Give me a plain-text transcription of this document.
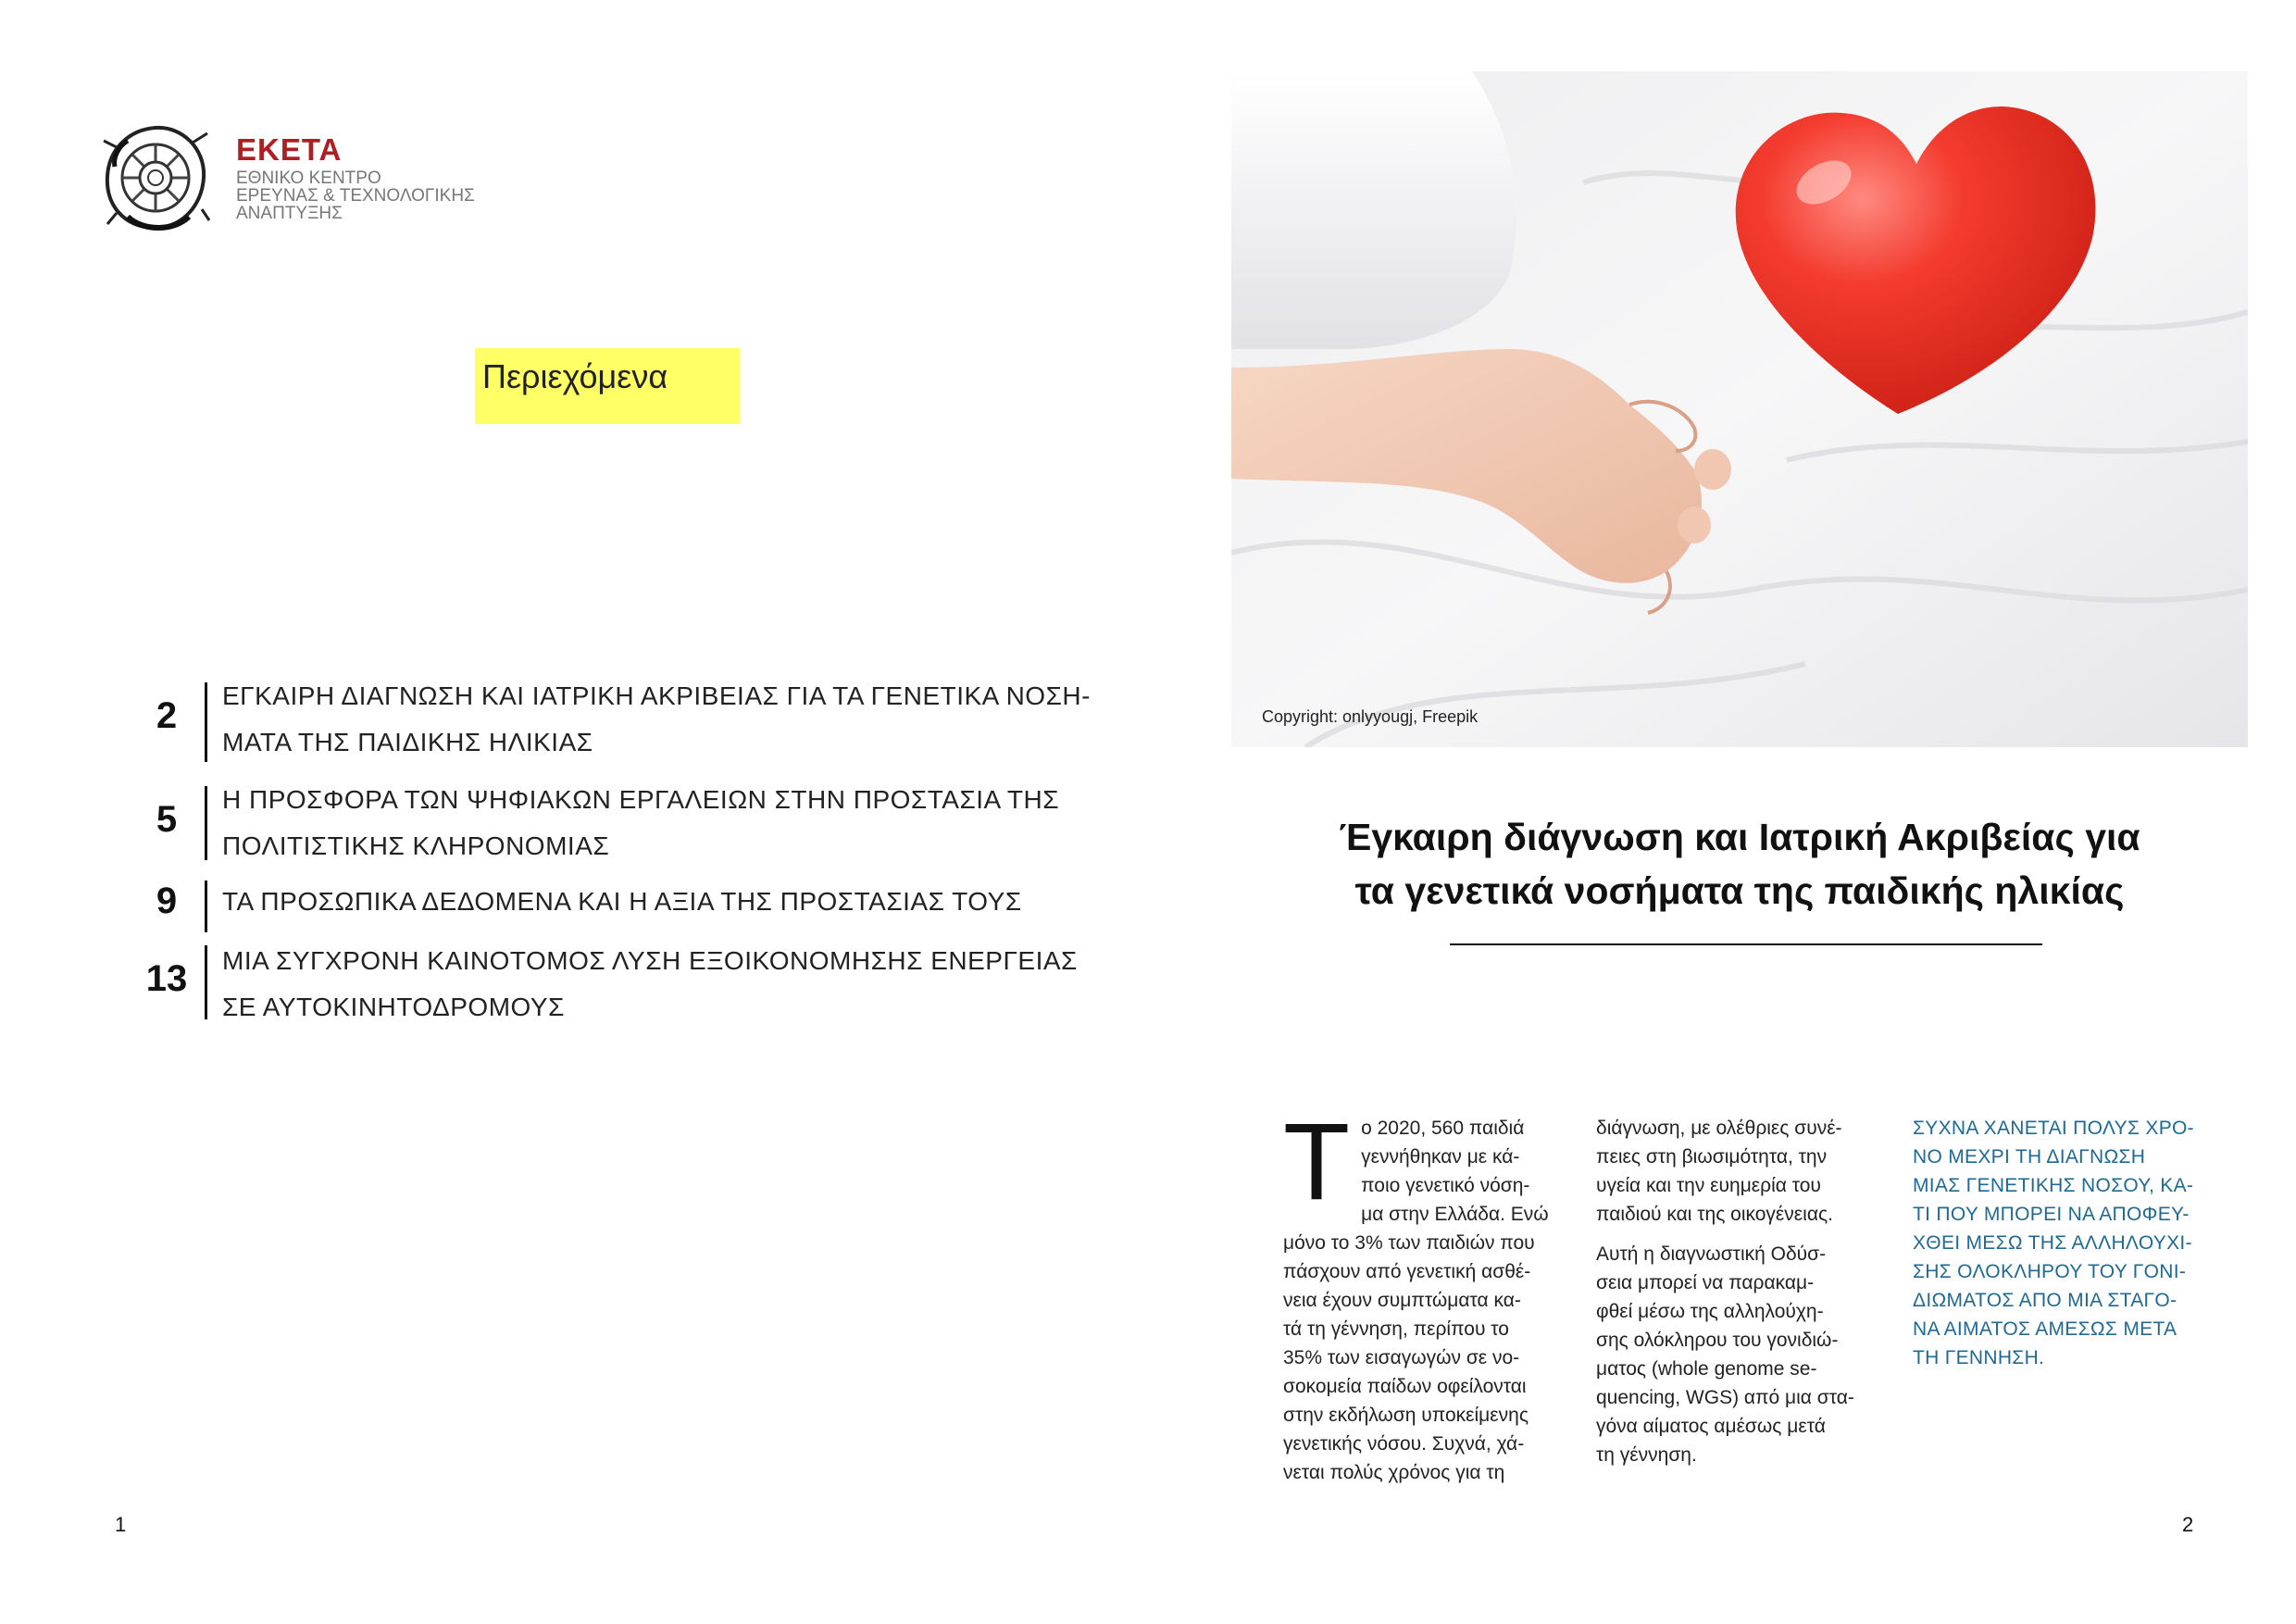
ΕΚΕΤΑ
ΕΘΝΙΚΟ ΚΕΝΤΡΟ
ΕΡΕΥΝΑΣ & ΤΕΧΝΟΛΟΓΙΚΗΣ
ΑΝΑΠΤΥΞΗΣ
Περιεχόμενα
2	ΕΓΚΑΙΡΗ ΔΙΑΓΝΩΣΗ ΚΑΙ ΙΑΤΡΙΚΗ ΑΚΡΙΒΕΙΑΣ ΓΙΑ ΤΑ ΓΕΝΕΤΙΚΑ ΝΟΣΗ-
ΜΑΤΑ ΤΗΣ ΠΑΙΔΙΚΗΣ ΗΛΙΚΙΑΣ
5	Η ΠΡΟΣΦΟΡΑ ΤΩΝ ΨΗΦΙΑΚΩΝ ΕΡΓΑΛΕΙΩΝ ΣΤΗΝ ΠΡΟΣΤΑΣΙΑ ΤΗΣ
ΠΟΛΙΤΙΣΤΙΚΗΣ ΚΛΗΡΟΝΟΜΙΑΣ
9	ΤΑ ΠΡΟΣΩΠΙΚΑ ΔΕΔΟΜΕΝΑ ΚΑΙ Η ΑΞΙΑ ΤΗΣ ΠΡΟΣΤΑΣΙΑΣ ΤΟΥΣ
13	ΜΙΑ ΣΥΓΧΡΟΝΗ ΚΑΙΝΟΤΟΜΟΣ ΛΥΣΗ ΕΞΟΙΚΟΝΟΜΗΣΗΣ ΕΝΕΡΓΕΙΑΣ
ΣΕ ΑΥΤΟΚΙΝΗΤΟΔΡΟΜΟΥΣ
1
Copyright: onlyyougj, Freepik
Έγκαιρη διάγνωση και Ιατρική Ακριβείας για
τα γενετικά νοσήματα της παιδικής ηλικίας
Τ ο 2020, 560 παιδιά
γεννήθηκαν με κά-
ποιο γενετικό νόση-
μα στην Ελλάδα. Ενώ
μόνο το 3% των παιδιών που
πάσχουν από γενετική ασθέ-
νεια έχουν συμπτώματα κα-
τά τη γέννηση, περίπου το
35% των εισαγωγών σε νο-
σοκομεία παίδων οφείλονται
στην εκδήλωση υποκείμενης
γενετικής νόσου. Συχνά, χά-
νεται πολύς χρόνος για τη

διάγνωση, με ολέθριες συνέ-
πειες στη βιωσιμότητα, την
υγεία και την ευημερία του
παιδιού και της οικογένειας.

Αυτή η διαγνωστική Οδύσ-
σεια μπορεί να παρακαμ-
φθεί μέσω της αλληλούχη-
σης ολόκληρου του γονιδιώ-
ματος (whole genome se-
quencing, WGS) από μια στα-
γόνα αίματος αμέσως μετά
τη γέννηση.

ΣΥΧΝΑ ΧΑΝΕΤΑΙ ΠΟΛΥΣ ΧΡΟ-
ΝΟ ΜΕΧΡΙ ΤΗ ΔΙΑΓΝΩΣΗ
ΜΙΑΣ ΓΕΝΕΤΙΚΗΣ ΝΟΣΟΥ, ΚΑ-
ΤΙ ΠΟΥ ΜΠΟΡΕΙ ΝΑ ΑΠΟΦΕΥ-
ΧΘΕΙ ΜΕΣΩ ΤΗΣ ΑΛΛΗΛΟΥΧΙ-
ΣΗΣ ΟΛΟΚΛΗΡΟΥ ΤΟΥ ΓΟΝΙ-
ΔΙΩΜΑΤΟΣ ΑΠΟ ΜΙΑ ΣΤΑΓΟ-
ΝΑ ΑΙΜΑΤΟΣ ΑΜΕΣΩΣ ΜΕΤΑ
ΤΗ ΓΕΝΝΗΣΗ.
2
